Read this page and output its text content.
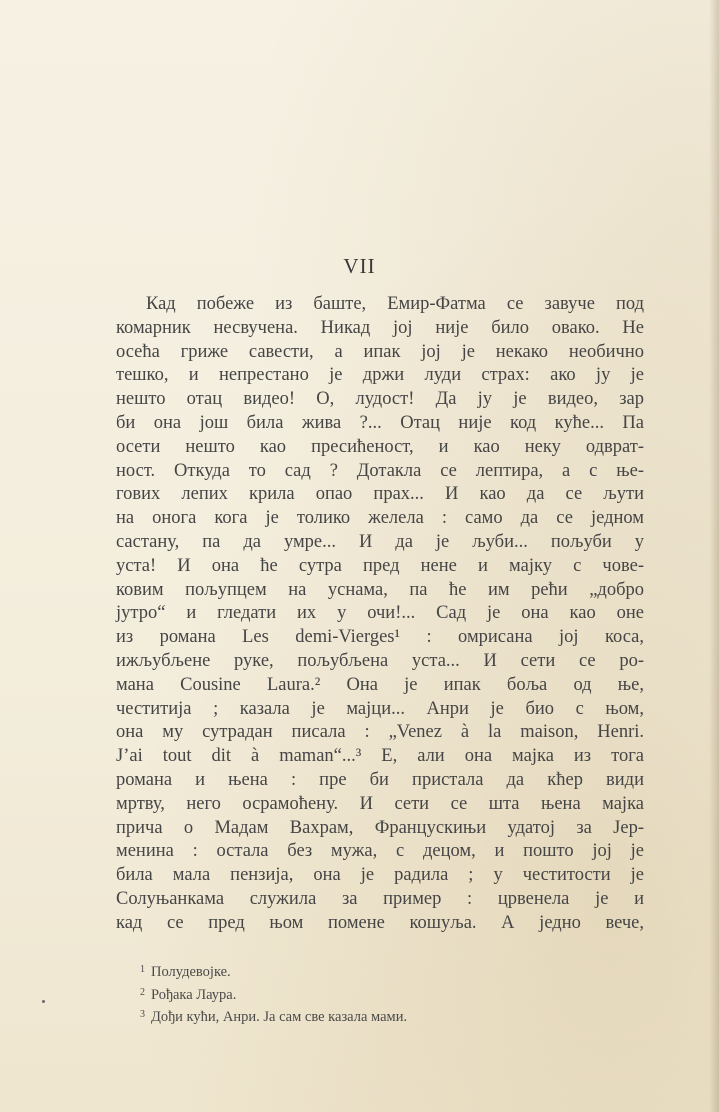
VII
Кад побеже из баште, Емир-Фатма се завуче под
комарник несвучена. Никад јој није било овако. Не
осећа гриже савести, а ипак јој је некако необично
тешко, и непрестано је држи луди страх: ако ју је
нешто отац видео! О, лудост! Да ју је видео, зар
би она још била жива ?... Отац није код куће... Па
осети нешто као пресићеност, и као неку одврат-
ност. Откуда то сад ? Дотакла се лептира, а с ње-
гових лепих крила опао прах... И као да се љути
на онога кога је толико желела : само да се једном
састану, па да умре... И да је љуби... пољуби у
уста! И она ће сутра пред нене и мајку с чове-
ковим пољупцем на уснама, па ће им рећи „добро
јутро“ и гледати их у очи!... Сад је она као оне
из романа Les demi-Vierges¹ : омрисана јој коса,
ижљубљене руке, пољубљена уста... И сети се ро-
мана Cousine Laura.² Она је ипак боља од ње,
честитија ; казала је мајци... Анри је био с њом,
она му сутрадан писала : „Venez à la maison, Henri.
J’ai tout dit à maman“...³ Е, али она мајка из тога
романа и њена : пре би пристала да кћер види
мртву, него осрамоћену. И сети се шта њена мајка
прича о Мадам Вахрам, Францускињи удатој за Јер-
менина : остала без мужа, с децом, и пошто јој је
била мала пензија, она је радила ; у честитости је
Солуњанкама служила за пример : црвенела је и
кад се пред њом помене кошуља. А једно вече,
$^1$ Полудевојке.
$^2$ Рођака Лаура.
$^3$ Дођи кући, Анри. Ја сам све казала мами.
